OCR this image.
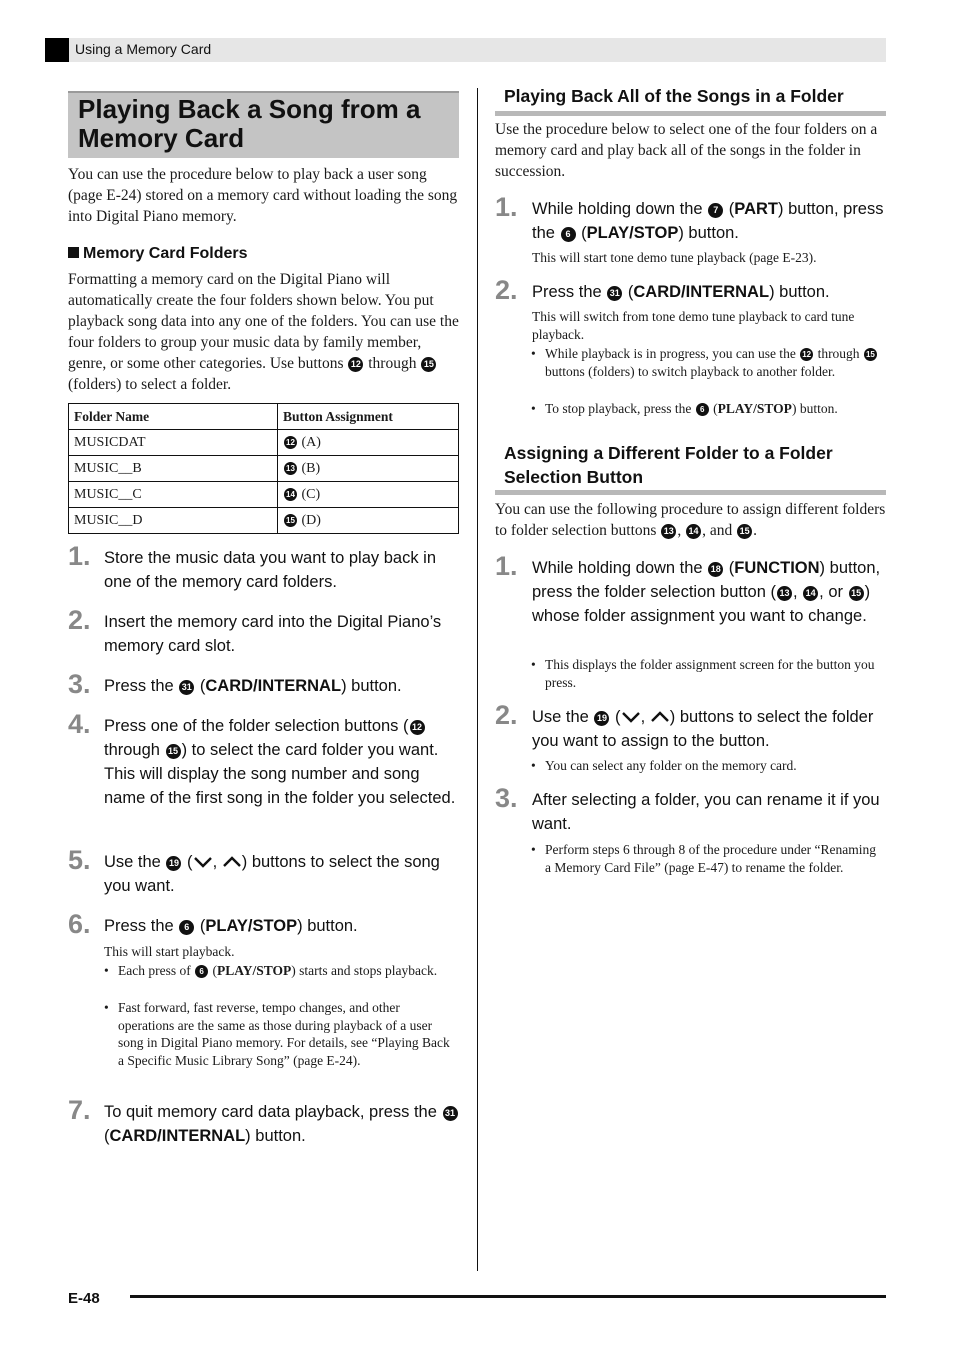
Using a Memory Card
Playing Back a Song from a Memory Card
You can use the procedure below to play back a user song (page E-24) stored on a memory card without loading the song into Digital Piano memory.
Memory Card Folders
Formatting a memory card on the Digital Piano will automatically create the four folders shown below. You put playback song data into any one of the folders. You can use the four folders to group your music data by family member, genre, or some other categories. Use buttons 12 through 15 (folders) to select a folder.
Folder Name	Button Assignment
MUSICDAT	12 (A)
MUSIC__B	13 (B)
MUSIC__C	14 (C)
MUSIC__D	15 (D)
1. Store the music data you want to play back in one of the memory card folders.
2. Insert the memory card into the Digital Piano’s memory card slot.
3. Press the 31 (CARD/INTERNAL) button.
4. Press one of the folder selection buttons ( 12 through 15 ) to select the card folder you want. This will display the song number and song name of the first song in the folder you selected.
5. Use the 19 ( , ) buttons to select the song you want.
6. Press the 6 (PLAY/STOP) button.
This will start playback.
• Each press of 6 (PLAY/STOP) starts and stops playback.
• Fast forward, fast reverse, tempo changes, and other operations are the same as those during playback of a user song in Digital Piano memory. For details, see “Playing Back a Specific Music Library Song” (page E-24).
7. To quit memory card data playback, press the 31 (CARD/INTERNAL) button.
Playing Back All of the Songs in a Folder
Use the procedure below to select one of the four folders on a memory card and play back all of the songs in the folder in succession.
1. While holding down the 7 (PART) button, press the 6 (PLAY/STOP) button.
This will start tone demo tune playback (page E-23).
2. Press the 31 (CARD/INTERNAL) button.
This will switch from tone demo tune playback to card tune playback.
• While playback is in progress, you can use the 12 through 15 buttons (folders) to switch playback to another folder.
• To stop playback, press the 6 (PLAY/STOP) button.
Assigning a Different Folder to a Folder Selection Button
You can use the following procedure to assign different folders to folder selection buttons 13 , 14 , and 15 .
1. While holding down the 18 (FUNCTION) button, press the folder selection button ( 13 , 14 , or 15 ) whose folder assignment you want to change.
• This displays the folder assignment screen for the button you press.
2. Use the 19 ( , ) buttons to select the folder you want to assign to the button.
• You can select any folder on the memory card.
3. After selecting a folder, you can rename it if you want.
• Perform steps 6 through 8 of the procedure under “Renaming a Memory Card File” (page E-47) to rename the folder.
E-48
